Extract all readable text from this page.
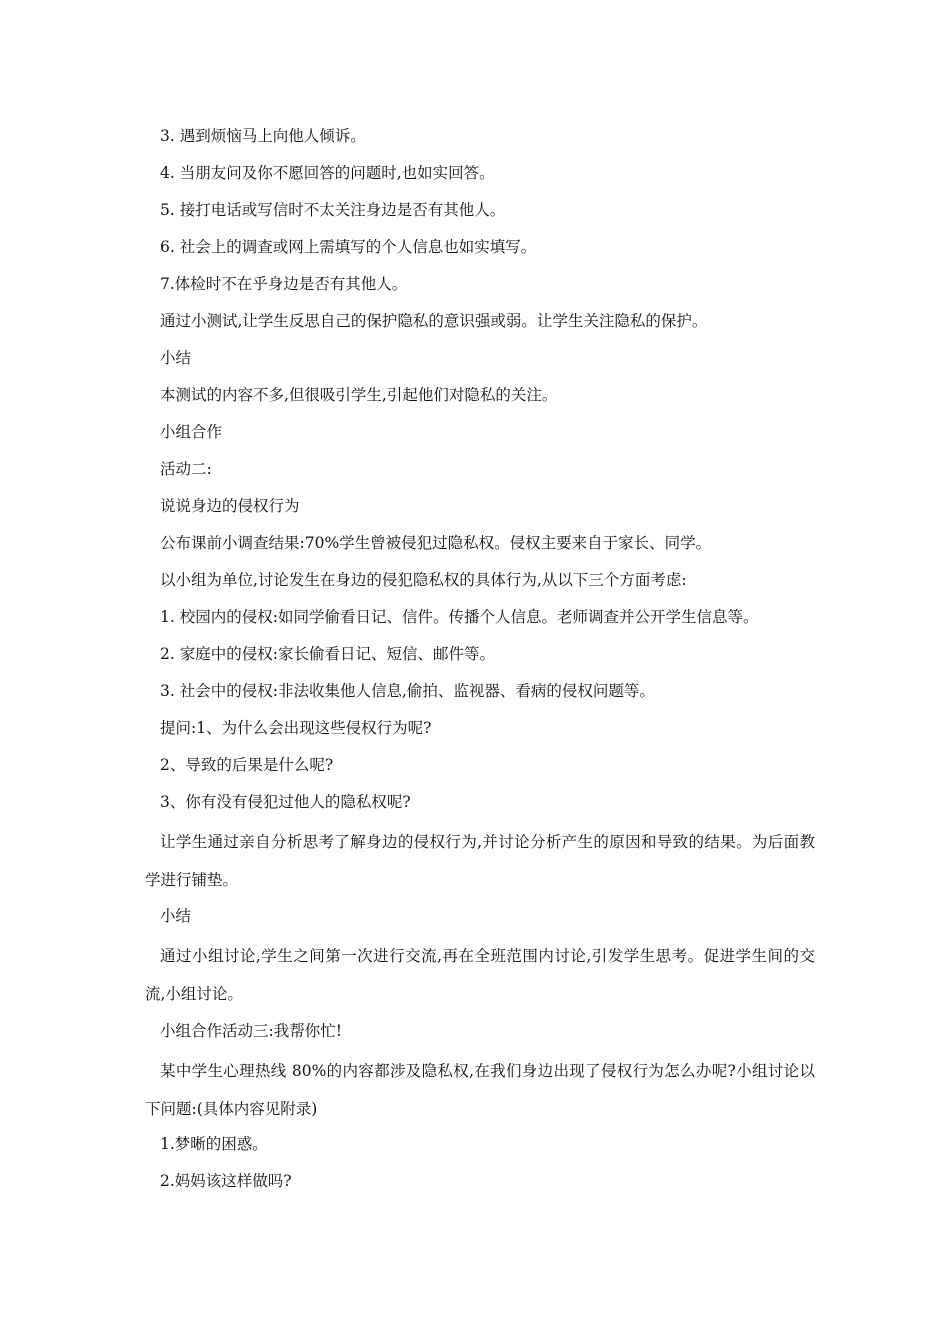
3. 遇到烦恼马上向他人倾诉。
4. 当朋友问及你不愿回答的问题时,也如实回答。
5. 接打电话或写信时不太关注身边是否有其他人。
6. 社会上的调查或网上需填写的个人信息也如实填写。
7.体检时不在乎身边是否有其他人。
通过小测试,让学生反思自己的保护隐私的意识强或弱。让学生关注隐私的保护。
小结
本测试的内容不多,但很吸引学生,引起他们对隐私的关注。
小组合作
活动二:
说说身边的侵权行为
公布课前小调查结果:70%学生曾被侵犯过隐私权。侵权主要来自于家长、同学。
以小组为单位,讨论发生在身边的侵犯隐私权的具体行为,从以下三个方面考虑:
1. 校园内的侵权:如同学偷看日记、信件。传播个人信息。老师调查并公开学生信息等。
2. 家庭中的侵权:家长偷看日记、短信、邮件等。
3. 社会中的侵权:非法收集他人信息,偷拍、监视器、看病的侵权问题等。
提问:1、为什么会出现这些侵权行为呢?
2、导致的后果是什么呢?
3、你有没有侵犯过他人的隐私权呢?
让学生通过亲自分析思考了解身边的侵权行为,并讨论分析产生的原因和导致的结果。为后面教学进行铺垫。
小结
通过小组讨论,学生之间第一次进行交流,再在全班范围内讨论,引发学生思考。促进学生间的交流,小组讨论。
小组合作活动三:我帮你忙!
某中学生心理热线 80%的内容都涉及隐私权,在我们身边出现了侵权行为怎么办呢?小组讨论以下问题:(具体内容见附录)
1.梦晰的困惑。
2.妈妈该这样做吗?
